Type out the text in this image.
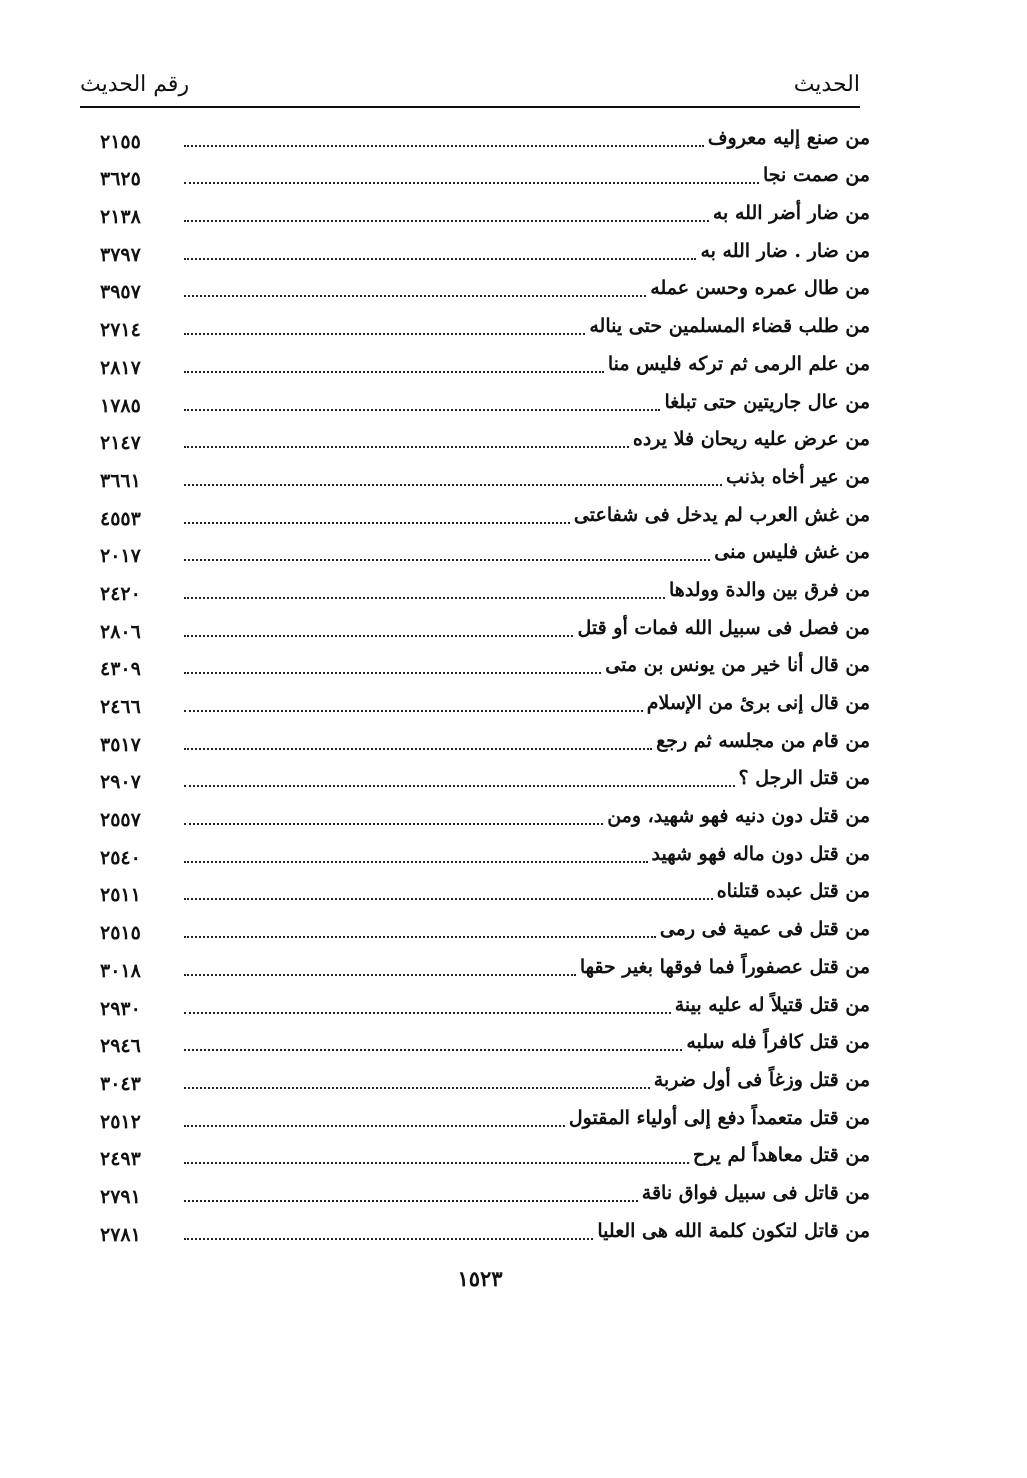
الحديث
رقم الحديث
من صنع إليه معروف
٢١٥٥
من صمت نجا
٣٦٢٥
من ضار أضر الله به
٢١٣٨
من ضار . ضار الله به
٣٧٩٧
من طال عمره وحسن عمله
٣٩٥٧
من طلب قضاء المسلمين حتى يناله
٢٧١٤
من علم الرمى ثم تركه فليس منا
٢٨١٧
من عال جاريتين حتى تبلغا
١٧٨٥
من عرض عليه ريحان فلا يرده
٢١٤٧
من عير أخاه بذنب
٣٦٦١
من غش العرب لم يدخل فى شفاعتى
٤٥٥٣
من غش فليس منى
٢٠١٧
من فرق بين والدة وولدها
٢٤٢٠
من فصل فى سبيل الله فمات أو قتل
٢٨٠٦
من قال أنا خير من يونس بن متى
٤٣٠٩
من قال إنى برئ من الإسلام
٢٤٦٦
من قام من مجلسه ثم رجع
٣٥١٧
من قتل الرجل ؟
٢٩٠٧
من قتل دون دنيه فهو شهيد، ومن
٢٥٥٧
من قتل دون ماله فهو شهيد
٢٥٤٠
من قتل عبده قتلناه
٢٥١١
من قتل فى عمية فى رمى
٢٥١٥
من قتل عصفوراً فما فوقها بغير حقها
٣٠١٨
من قتل قتيلاً له عليه بينة
٢٩٣٠
من قتل كافراً فله سلبه
٢٩٤٦
من قتل وزغاً فى أول ضربة
٣٠٤٣
من قتل متعمداً دفع إلى أولياء المقتول
٢٥١٢
من قتل معاهداً لم يرح
٢٤٩٣
من قاتل فى سبيل فواق ناقة
٢٧٩١
من قاتل لتكون كلمة الله هى العليا
٢٧٨١
١٥٢٣
